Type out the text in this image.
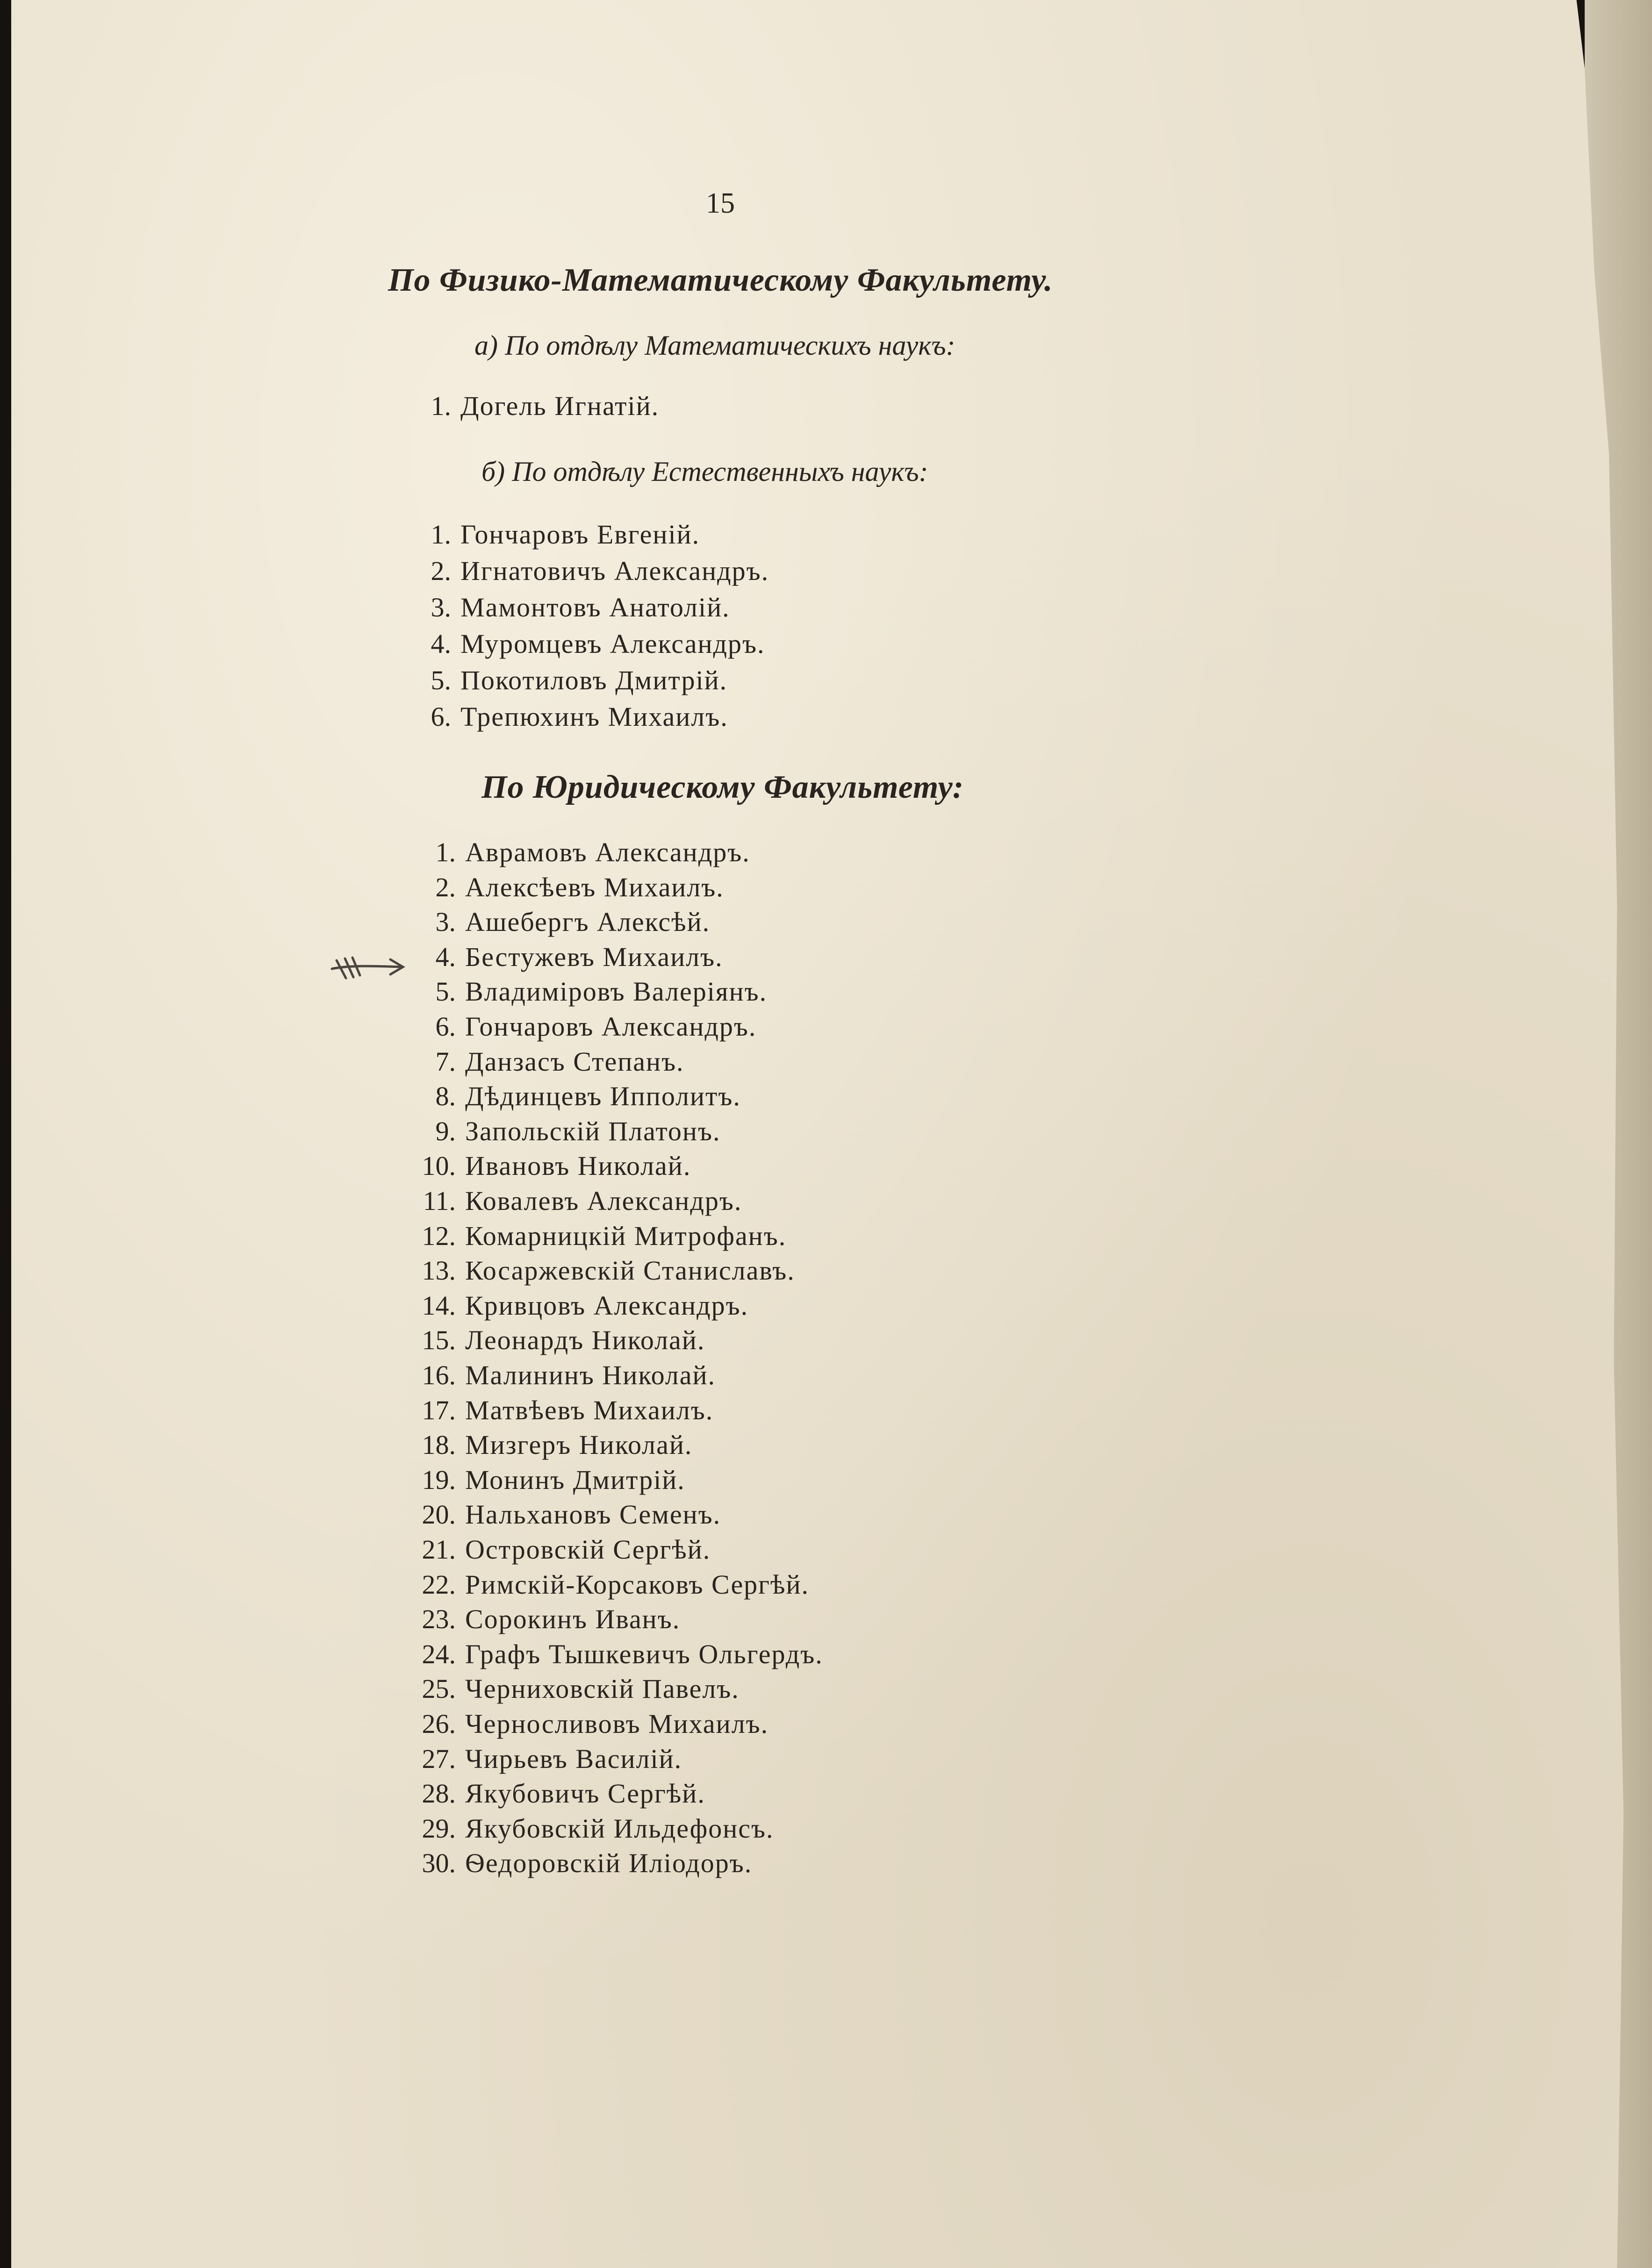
15
По Физико-Математическому Факультету.
а) По отдѣлу Математическихъ наукъ:
1. Догель Игнатій.
б) По отдѣлу Естественныхъ наукъ:
1. Гончаровъ Евгеній.
2. Игнатовичъ Александръ.
3. Мамонтовъ Анатолій.
4. Муромцевъ Александръ.
5. Покотиловъ Дмитрій.
6. Трепюхинъ Михаилъ.
По Юридическому Факультету:
1. Аврамовъ Александръ.
2. Алексѣевъ Михаилъ.
3. Ашебергъ Алексѣй.
4. Бестужевъ Михаилъ.
5. Владиміровъ Валеріянъ.
6. Гончаровъ Александръ.
7. Данзасъ Степанъ.
8. Дѣдинцевъ Ипполитъ.
9. Запольскій Платонъ.
10. Ивановъ Николай.
11. Ковалевъ Александръ.
12. Комарницкій Митрофанъ.
13. Косаржевскій Станиславъ.
14. Кривцовъ Александръ.
15. Леонардъ Николай.
16. Малининъ Николай.
17. Матвѣевъ Михаилъ.
18. Мизгеръ Николай.
19. Монинъ Дмитрій.
20. Нальхановъ Семенъ.
21. Островскій Сергѣй.
22. Римскій-Корсаковъ Сергѣй.
23. Сорокинъ Иванъ.
24. Графъ Тышкевичъ Ольгердъ.
25. Черниховскій Павелъ.
26. Черносливовъ Михаилъ.
27. Чирьевъ Василій.
28. Якубовичъ Сергѣй.
29. Якубовскій Ильдефонсъ.
30. Ѳедоровскій Иліодоръ.
